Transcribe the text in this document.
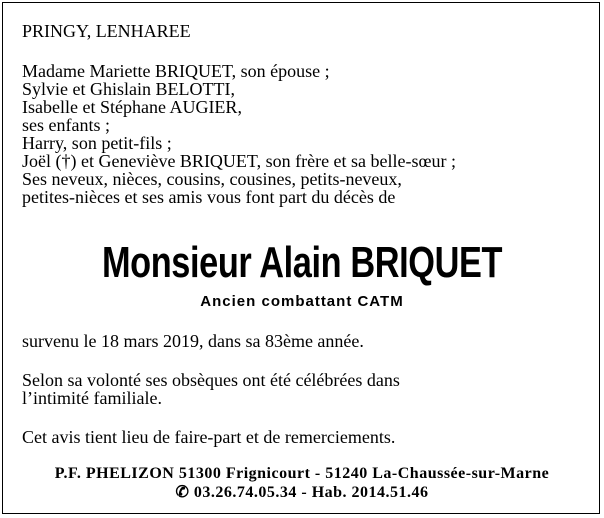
PRINGY, LENHAREE
Madame Mariette BRIQUET, son épouse ;
Sylvie et Ghislain BELOTTI,
Isabelle et Stéphane AUGIER,
ses enfants ;
Harry, son petit-fils ;
Joël (†) et Geneviève BRIQUET, son frère et sa belle-sœur ;
Ses neveux, nièces, cousins, cousines, petits-neveux,
petites-nièces et ses amis vous font part du décès de
Monsieur Alain BRIQUET
Ancien combattant CATM
survenu le 18 mars 2019, dans sa 83ème année.
Selon sa volonté ses obsèques ont été célébrées dans
l’intimité familiale.
Cet avis tient lieu de faire-part et de remerciements.
P.F. PHELIZON 51300 Frignicourt - 51240 La-Chaussée-sur-Marne
✆ 03.26.74.05.34 - Hab. 2014.51.46
